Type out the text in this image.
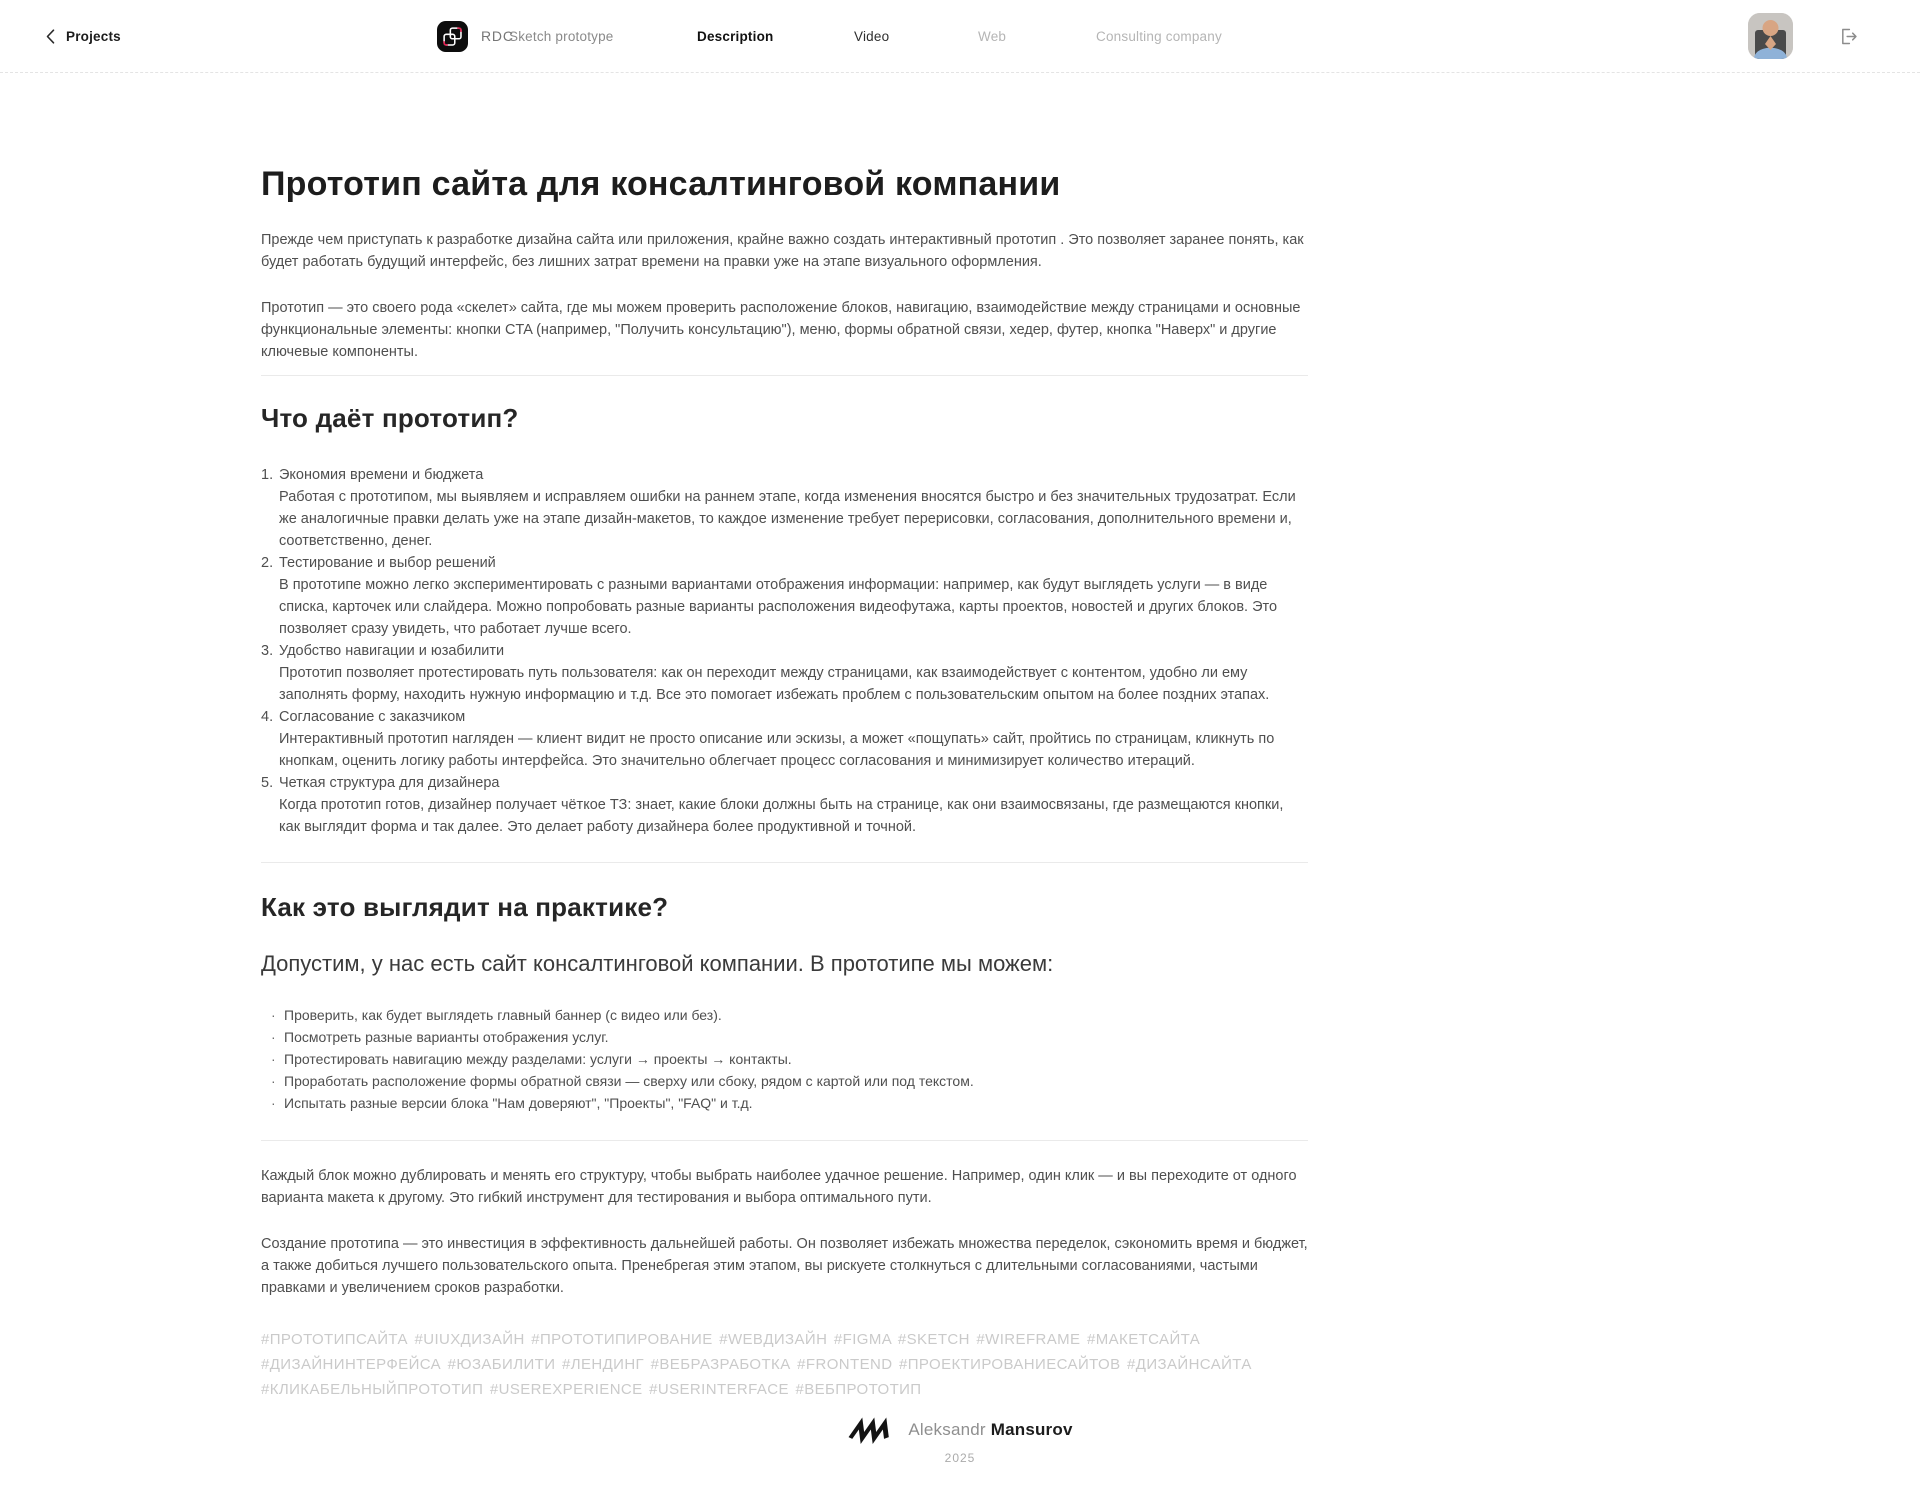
Projects	RDC
Sketch prototype	Description	Video	Web	Consulting company
Прототип сайта для консалтинговой компании

Прежде чем приступать к разработке дизайна сайта или приложения, крайне важно создать интерактивный прототип . Это позволяет заранее понять, как будет работать будущий интерфейс, без лишних затрат времени на правки уже на этапе визуального оформления.

Прототип — это своего рода «скелет» сайта, где мы можем проверить расположение блоков, навигацию, взаимодействие между страницами и основные функциональные элементы: кнопки CTA (например, "Получить консультацию"), меню, формы обратной связи, хедер, футер, кнопка "Наверх" и другие ключевые компоненты.

Что даёт прототип?
1. Экономия времени и бюджета
Работая с прототипом, мы выявляем и исправляем ошибки на раннем этапе, когда изменения вносятся быстро и без значительных трудозатрат. Если же аналогичные правки делать уже на этапе дизайн-макетов, то каждое изменение требует перерисовки, согласования, дополнительного времени и, соответственно, денег.
2. Тестирование и выбор решений
В прототипе можно легко экспериментировать с разными вариантами отображения информации: например, как будут выглядеть услуги — в виде списка, карточек или слайдера. Можно попробовать разные варианты расположения видеофутажа, карты проектов, новостей и других блоков. Это позволяет сразу увидеть, что работает лучше всего.
3. Удобство навигации и юзабилити
Прототип позволяет протестировать путь пользователя: как он переходит между страницами, как взаимодействует с контентом, удобно ли ему заполнять форму, находить нужную информацию и т.д. Все это помогает избежать проблем с пользовательским опытом на более поздних этапах.
4. Согласование с заказчиком
Интерактивный прототип нагляден — клиент видит не просто описание или эскизы, а может «пощупать» сайт, пройтись по страницам, кликнуть по кнопкам, оценить логику работы интерфейса. Это значительно облегчает процесс согласования и минимизирует количество итераций.
5. Четкая структура для дизайнера
Когда прототип готов, дизайнер получает чёткое ТЗ: знает, какие блоки должны быть на странице, как они взаимосвязаны, где размещаются кнопки, как выглядит форма и так далее. Это делает работу дизайнера более продуктивной и точной.
Как это выглядит на практике?

Допустим, у нас есть сайт консалтинговой компании. В прототипе мы можем:

· Проверить, как будет выглядеть главный баннер (с видео или без).
· Посмотреть разные варианты отображения услуг.
· Протестировать навигацию между разделами: услуги → проекты → контакты.
· Проработать расположение формы обратной связи — сверху или сбоку, рядом с картой или под текстом.
· Испытать разные версии блока "Нам доверяют", "Проекты", "FAQ" и т.д.

Каждый блок можно дублировать и менять его структуру, чтобы выбрать наиболее удачное решение. Например, один клик — и вы переходите от одного варианта макета к другому. Это гибкий инструмент для тестирования и выбора оптимального пути.

Создание прототипа — это инвестиция в эффективность дальнейшей работы. Он позволяет избежать множества переделок, сэкономить время и бюджет, а также добиться лучшего пользовательского опыта. Пренебрегая этим этапом, вы рискуете столкнуться с длительными согласованиями, частыми правками и увеличением сроков разработки.

#ПРОТОТИПСАЙТА #UIUXДИЗАЙН #ПРОТОТИПИРОВАНИЕ #WEBДИЗАЙН #FIGMA #SKETCH #WIREFRAME #МАКЕТСАЙТА #ДИЗАЙНИНТЕРФЕЙСА #ЮЗАБИЛИТИ #ЛЕНДИНГ #ВЕБРАЗРАБОТКА #FRONTEND #ПРОЕКТИРОВАНИЕСАЙТОВ #ДИЗАЙНСАЙТА #КЛИКАБЕЛЬНЫЙПРОТОТИП #USEREXPERIENCE #USERINTERFACE #ВЕБПРОТОТИП

Aleksandr Mansurov
2025
